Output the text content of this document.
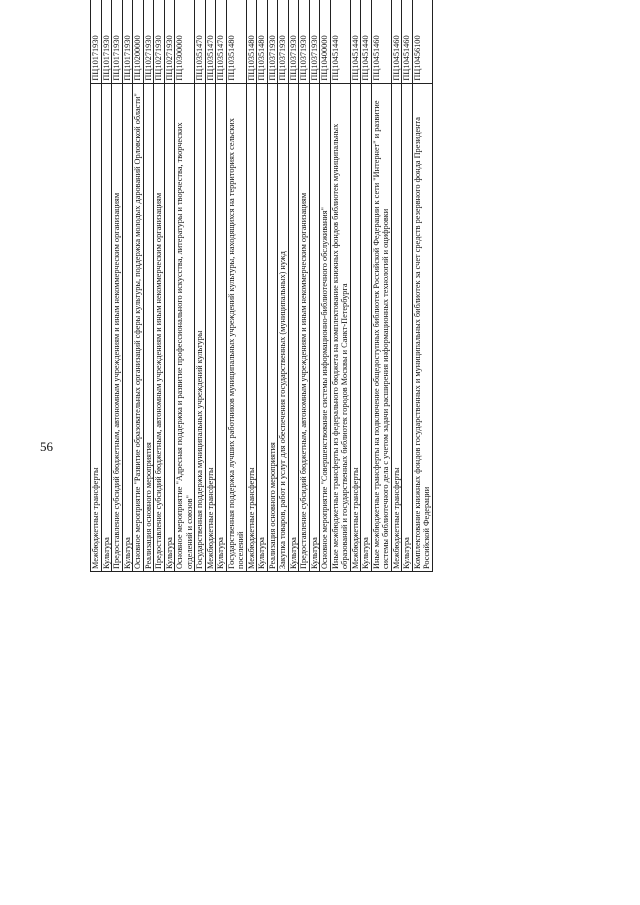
56
Межбюджетные трансферты	ПЦ10171930							
Культура	ПЦ10171930							
Предоставление субсидий бюджетным, автономным учреждениям и иным некоммерческим организациям	ПЦ10171930							
Культура	ПЦ10171930							
Основное мероприятие "Развитие образовательных организаций сферы культуры, поддержка молодых дарований Орловской области"	ПЦ10200000							
Реализация основного мероприятия	ПЦ10271930							
Предоставление субсидий бюджетным, автономным учреждениям и иным некоммерческим организациям	ПЦ10271930							
Культура	ПЦ10271930							
Основное мероприятие "Адресная поддержка и развитие профессионального искусства, литературы и творчества, творческих отделений и союзов"	ПЦ10300000							
Государственная поддержка муниципальных учреждений культуры	ПЦ10351470							
Межбюджетные трансферты	ПЦ10351470							
Культура	ПЦ10351470							
Государственная поддержка лучших работников муниципальных учреждений культуры, находящихся на территориях сельских поселений	ПЦ10351480							
Межбюджетные трансферты	ПЦ10351480							
Культура	ПЦ10351480							
Реализация основного мероприятия	ПЦ10371930							
Закупка товаров, работ и услуг для обеспечения государственных (муниципальных) нужд	ПЦ10371930							
Культура	ПЦ10371930							
Предоставление субсидий бюджетным, автономным учреждениям и иным некоммерческим организациям	ПЦ10371930							
Культура	ПЦ10371930							
Основное мероприятие "Совершенствование системы информационно-библиотечного обслуживания"	ПЦ10400000							
Иные межбюджетные трансферты из федерального бюджета на комплектование книжных фондов библиотек муниципальных образований и государственных библиотек городов Москвы и Санкт-Петербурга	ПЦ10451440							
Межбюджетные трансферты	ПЦ10451440							
Культура	ПЦ10451440							
Иные межбюджетные трансферты на подключение общедоступных библиотек Российской Федерации к сети "Интернет" и развитие системы библиотечного дела с учетом задачи расширения информационных технологий и оцифровки	ПЦ10451460							
Межбюджетные трансферты	ПЦ10451460							
Культура	ПЦ10451460							
Комплектование книжных фондов государственных и муниципальных библиотек за счет средств резервного фонда Президента Российской Федерации	ПЦ10456100							
